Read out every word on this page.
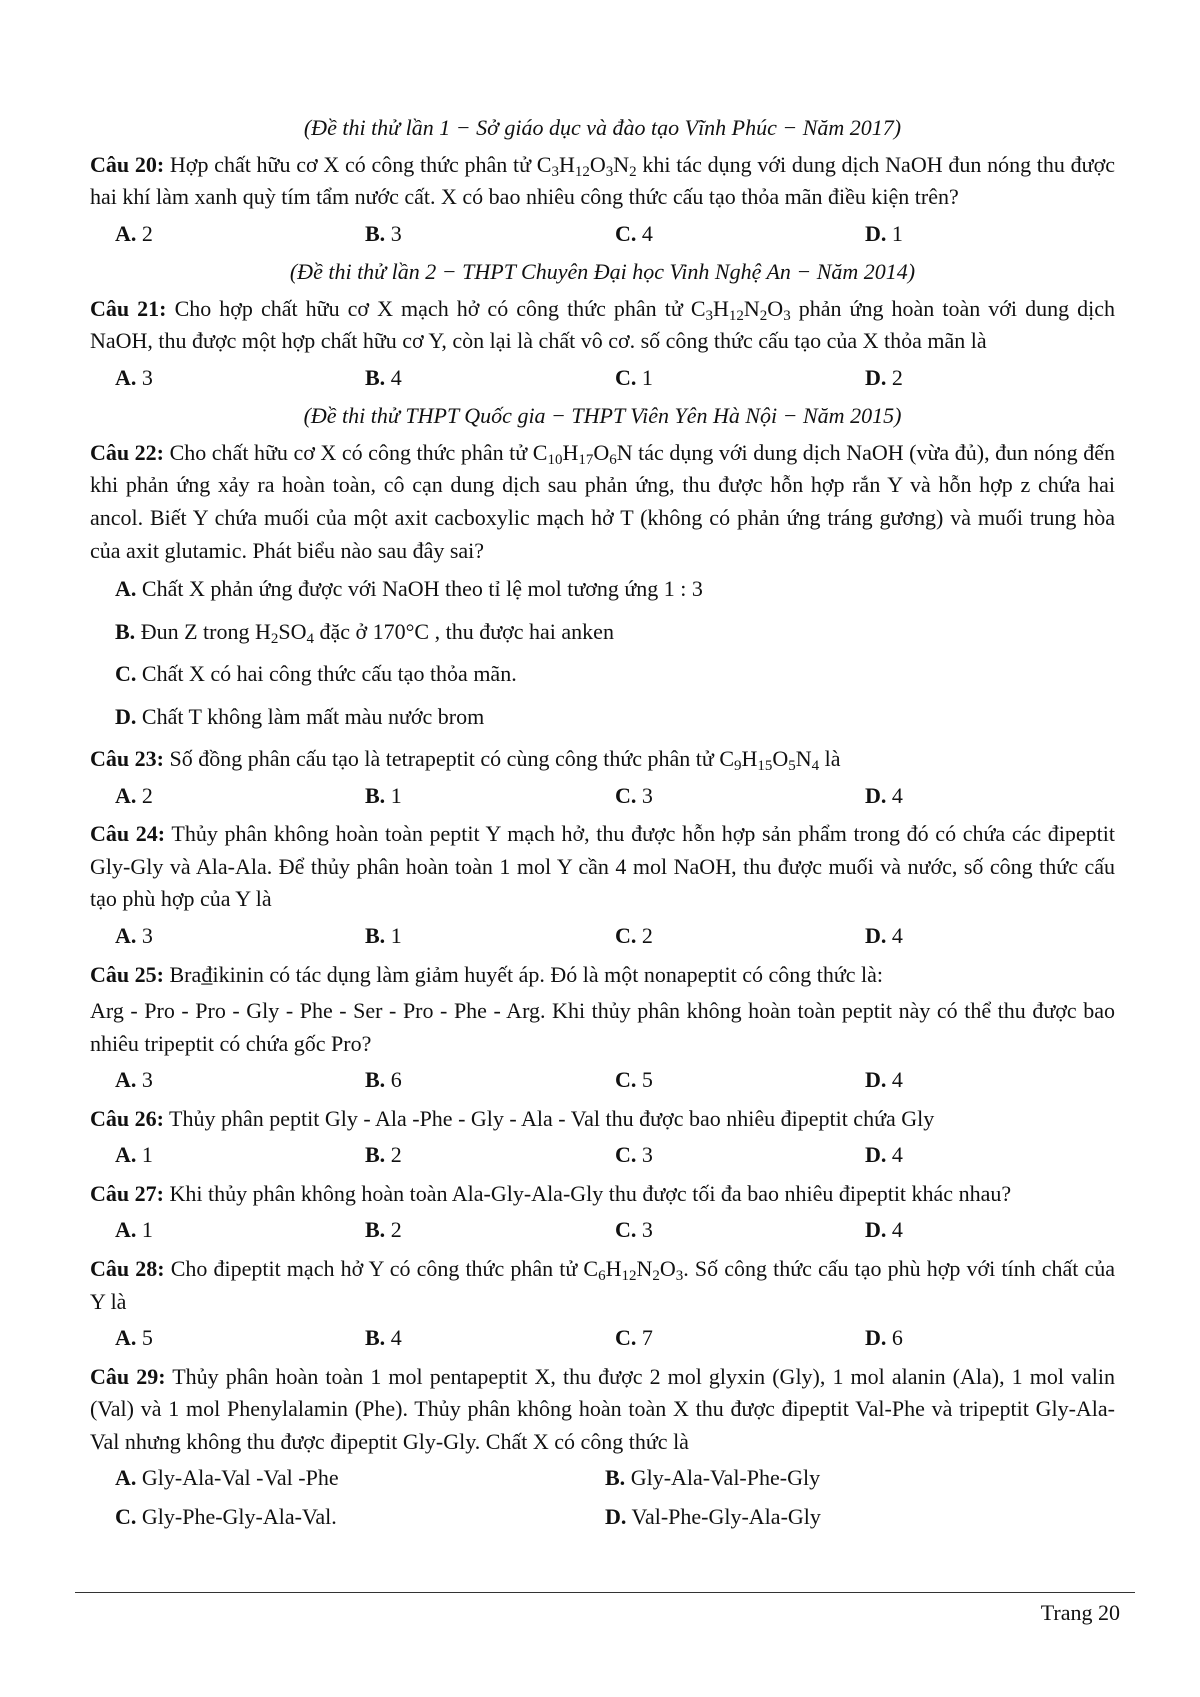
(Đề thi thử lần 1 − Sở giáo dục và đào tạo Vĩnh Phúc − Năm 2017)
Câu 20: Hợp chất hữu cơ X có công thức phân tử $C_3H_{12}O_3N_2$ khi tác dụng với dung dịch NaOH đun nóng thu được hai khí làm xanh quỳ tím tẩm nước cất. X có bao nhiêu công thức cấu tạo thỏa mãn điều kiện trên?
A. 2	B. 3	C. 4	D. 1
(Đề thi thử lần 2 − THPT Chuyên Đại học Vinh Nghệ An − Năm 2014)
Câu 21: Cho hợp chất hữu cơ X mạch hở có công thức phân tử $C_3H_{12}N_2O_3$ phản ứng hoàn toàn với dung dịch NaOH, thu được một hợp chất hữu cơ Y, còn lại là chất vô cơ. số công thức cấu tạo của X thỏa mãn là
A. 3	B. 4	C. 1	D. 2
(Đề thi thử THPT Quốc gia − THPT Viên Yên Hà Nội − Năm 2015)
Câu 22: Cho chất hữu cơ X có công thức phân tử $C_{10}H_{17}O_6N$ tác dụng với dung dịch NaOH (vừa đủ), đun nóng đến khi phản ứng xảy ra hoàn toàn, cô cạn dung dịch sau phản ứng, thu được hỗn hợp rắn Y và hỗn hợp z chứa hai ancol. Biết Y chứa muối của một axit cacboxylic mạch hở T (không có phản ứng tráng gương) và muối trung hòa của axit glutamic. Phát biểu nào sau đây sai?
A. Chất X phản ứng được với NaOH theo tỉ lệ mol tương ứng 1 : 3
B. Đun Z trong $H_2SO_4$ đặc ở 170°C , thu được hai anken
C. Chất X có hai công thức cấu tạo thỏa mãn.
D. Chất T không làm mất màu nước brom
Câu 23: Số đồng phân cấu tạo là tetrapeptit có cùng công thức phân tử $C_9H_{15}O_5N_4$ là
A. 2	B. 1	C. 3	D. 4
Câu 24: Thủy phân không hoàn toàn peptit Y mạch hở, thu được hỗn hợp sản phẩm trong đó có chứa các đipeptit Gly-Gly và Ala-Ala. Để thủy phân hoàn toàn 1 mol Y cần 4 mol NaOH, thu được muối và nước, số công thức cấu tạo phù hợp của Y là
A. 3	B. 1	C. 2	D. 4
Câu 25: Bra₫ikinin có tác dụng làm giảm huyết áp. Đó là một nonapeptit có công thức là:
Arg - Pro - Pro - Gly - Phe - Ser - Pro - Phe - Arg. Khi thủy phân không hoàn toàn peptit này có thể thu được bao nhiêu tripeptit có chứa gốc Pro?
A. 3	B. 6	C. 5	D. 4
Câu 26: Thủy phân peptit Gly - Ala -Phe - Gly - Ala - Val thu được bao nhiêu đipeptit chứa Gly
A. 1	B. 2	C. 3	D. 4
Câu 27: Khi thủy phân không hoàn toàn Ala-Gly-Ala-Gly thu được tối đa bao nhiêu đipeptit khác nhau?
A. 1	B. 2	C. 3	D. 4
Câu 28: Cho đipeptit mạch hở Y có công thức phân tử $C_6H_{12}N_2O_3$. Số công thức cấu tạo phù hợp với tính chất của Y là
A. 5	B. 4	C. 7	D. 6
Câu 29: Thủy phân hoàn toàn 1 mol pentapeptit X, thu được 2 mol glyxin (Gly), 1 mol alanin (Ala), 1 mol valin (Val) và 1 mol Phenylalamin (Phe). Thủy phân không hoàn toàn X thu được đipeptit Val-Phe và tripeptit Gly-Ala-Val nhưng không thu được đipeptit Gly-Gly. Chất X có công thức là
A. Gly-Ala-Val -Val -Phe	B. Gly-Ala-Val-Phe-Gly
C. Gly-Phe-Gly-Ala-Val.	D. Val-Phe-Gly-Ala-Gly
Trang 20
